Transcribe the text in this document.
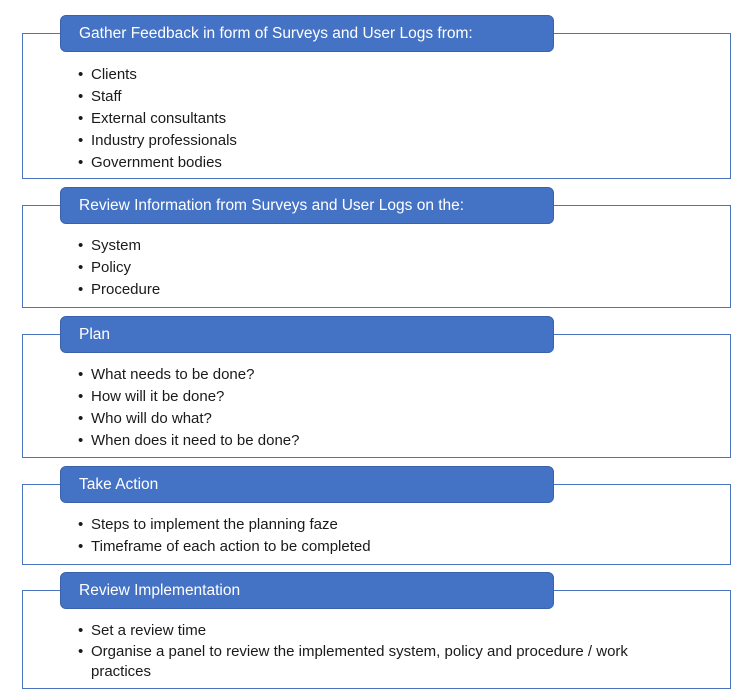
Gather Feedback in form of Surveys and User Logs from:
• Clients
• Staff
• External consultants
• Industry professionals
• Government bodies
Review Information from Surveys and User Logs on the:
• System
• Policy
• Procedure
Plan
• What needs to be done?
• How will it be done?
• Who will do what?
• When does it need to be done?
Take Action
• Steps to implement the planning faze
• Timeframe of each action to be completed
Review Implementation
• Set a review time
• Organise a panel to review the implemented system, policy and procedure / work practices
